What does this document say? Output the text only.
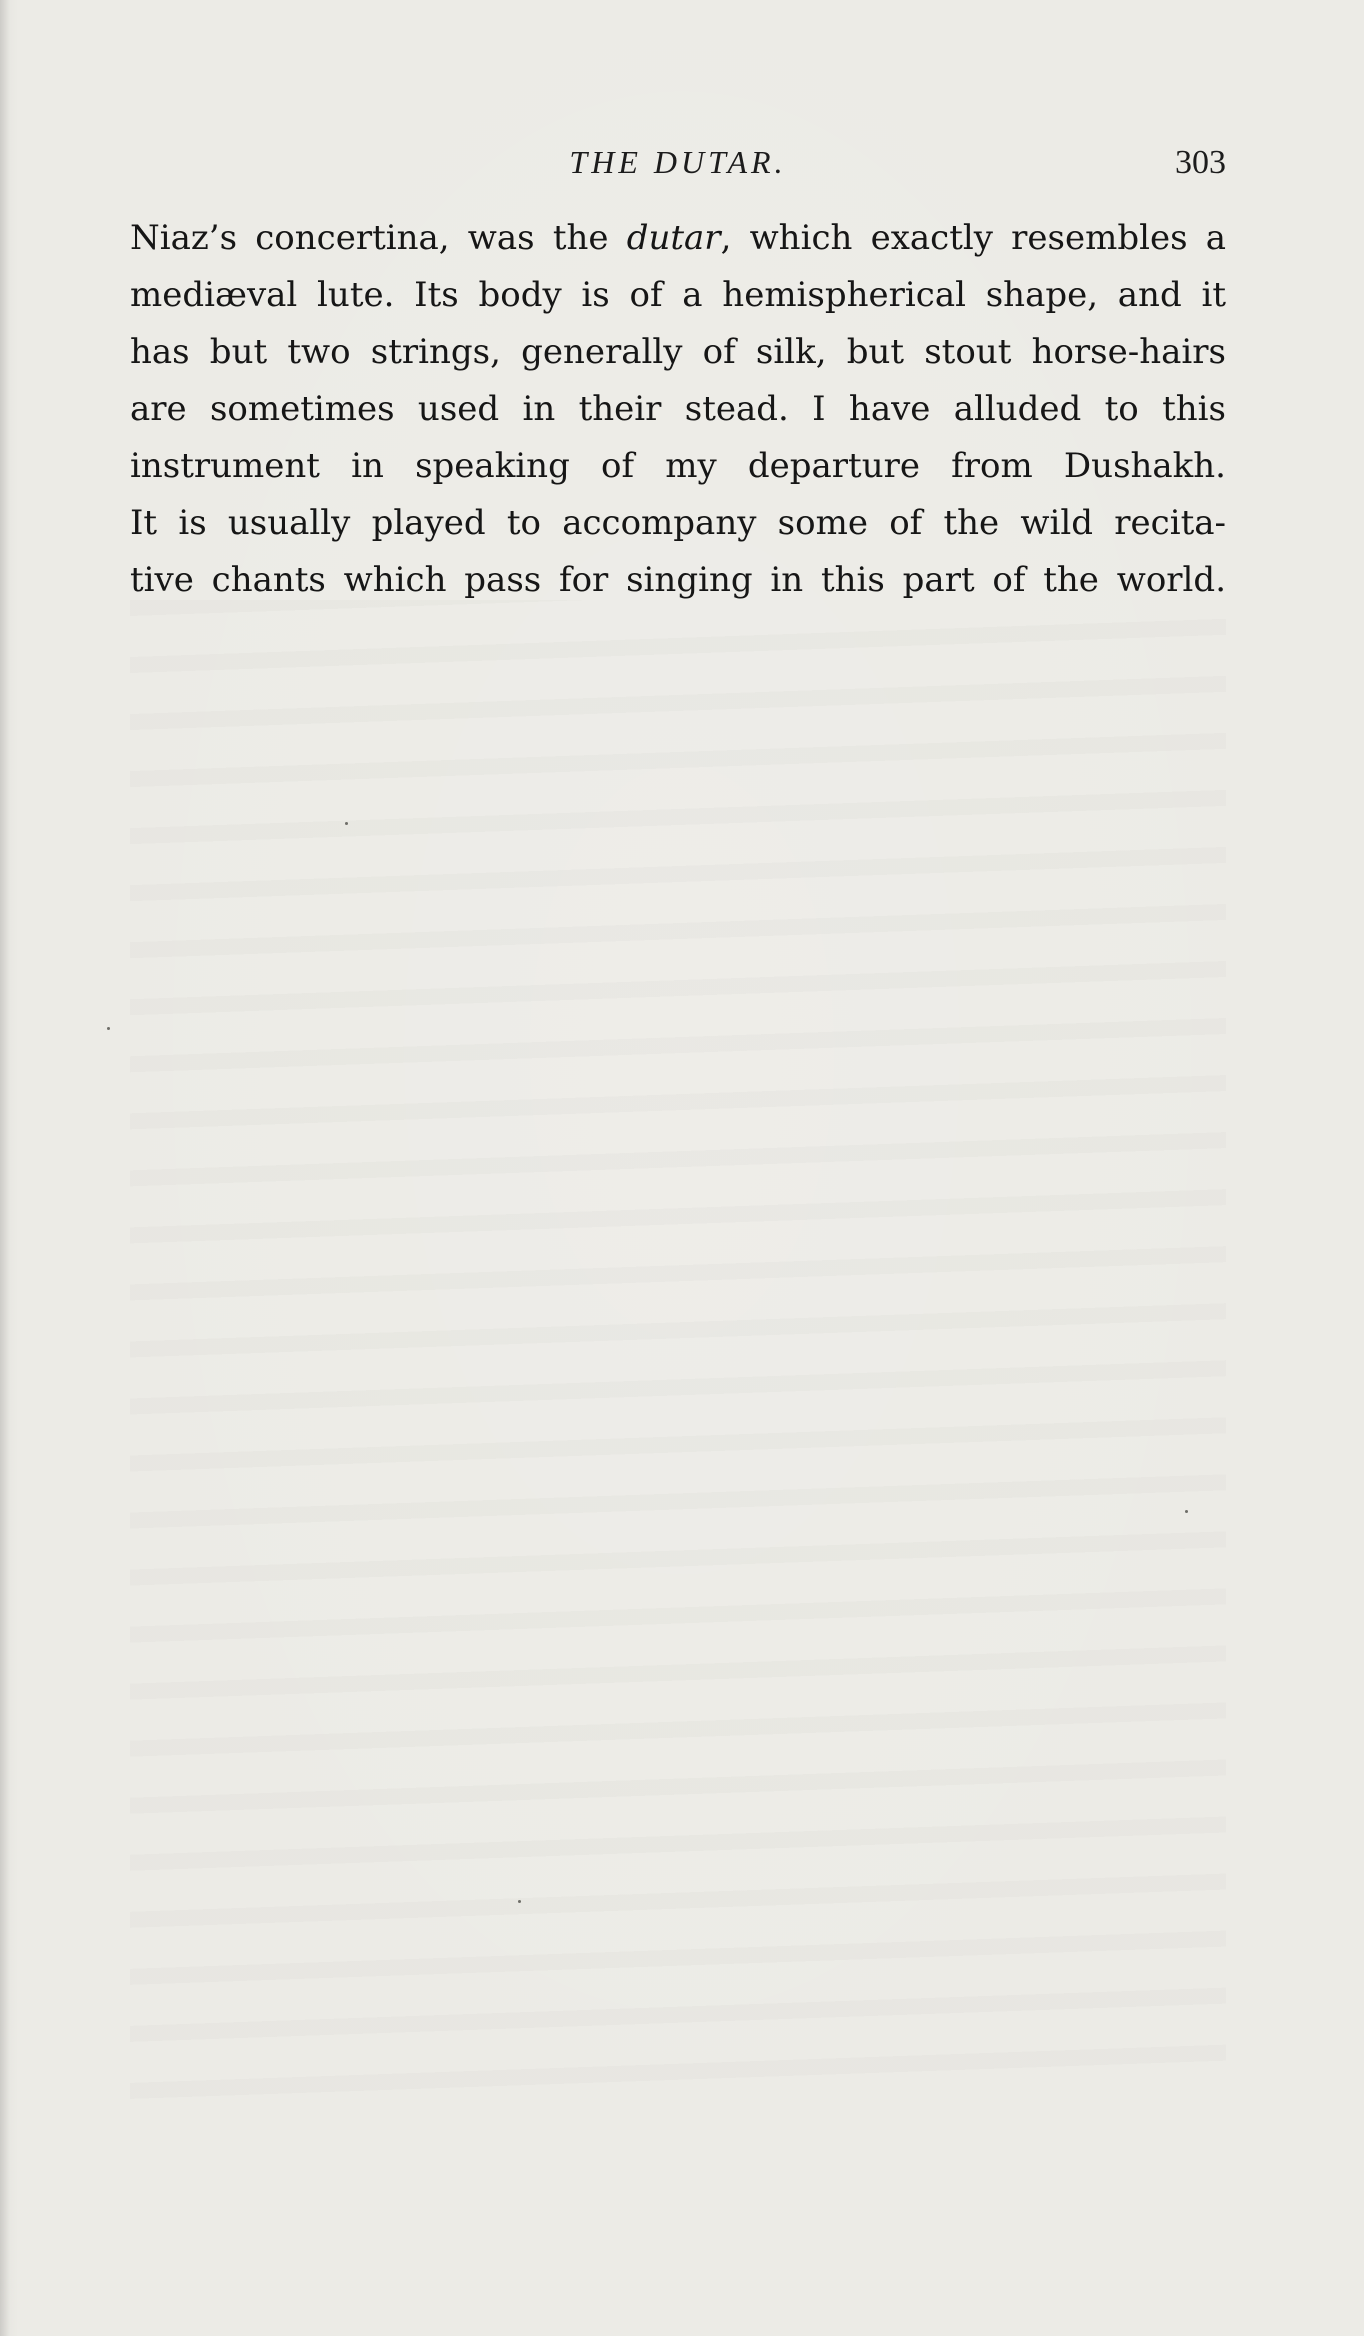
THE DUTAR.	303
Niaz’s concertina, was the dutar, which exactly resembles a
mediæval lute. Its body is of a hemispherical shape, and it
has but two strings, generally of silk, but stout horse-hairs
are sometimes used in their stead. I have alluded to this
instrument in speaking of my departure from Dushakh.
It is usually played to accompany some of the wild recita-
tive chants which pass for singing in this part of the world.
